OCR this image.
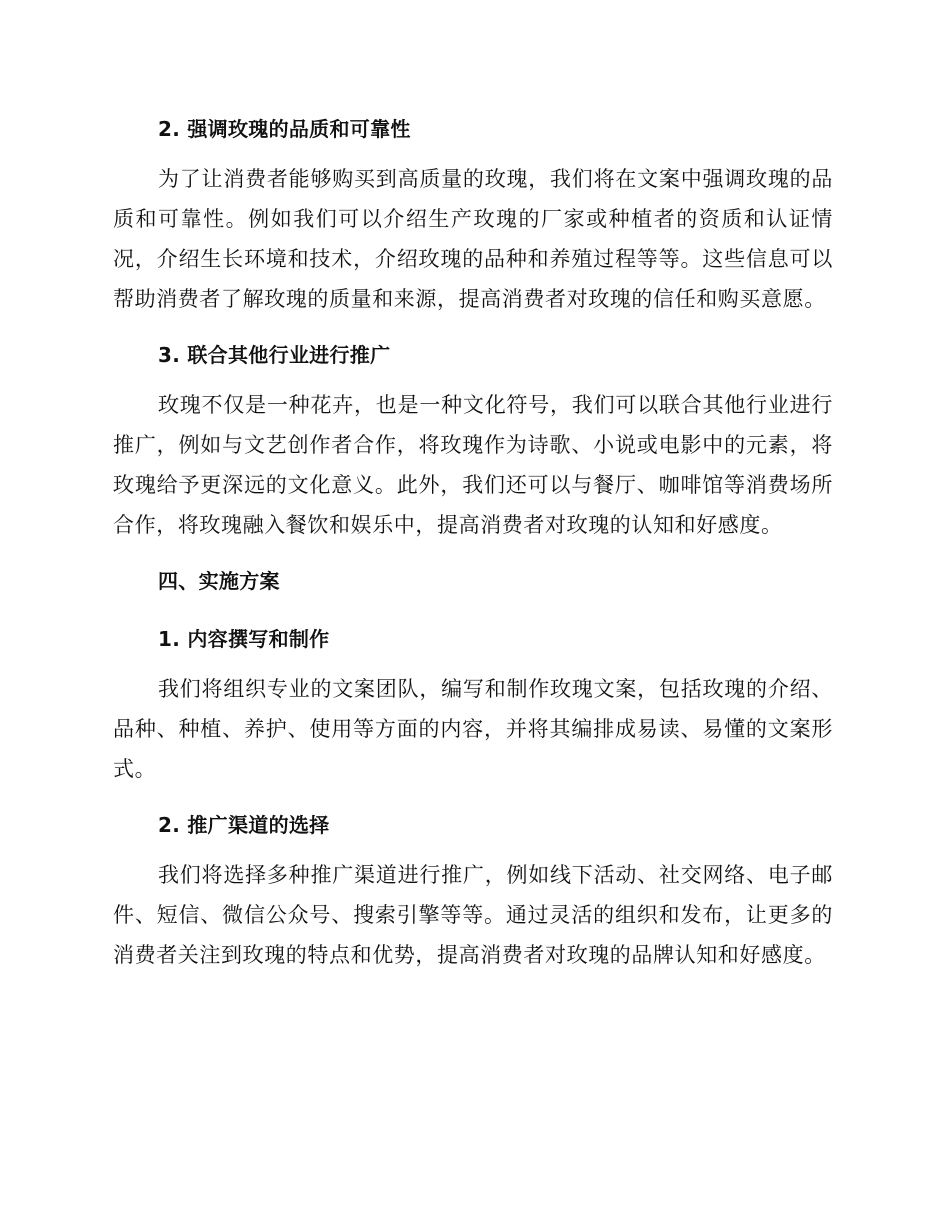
2. 强调玫瑰的品质和可靠性

为了让消费者能够购买到高质量的玫瑰，我们将在文案中强调玫瑰的品质和可靠性。例如我们可以介绍生产玫瑰的厂家或种植者的资质和认证情况，介绍生长环境和技术，介绍玫瑰的品种和养殖过程等等。这些信息可以帮助消费者了解玫瑰的质量和来源，提高消费者对玫瑰的信任和购买意愿。

3. 联合其他行业进行推广

玫瑰不仅是一种花卉，也是一种文化符号，我们可以联合其他行业进行推广，例如与文艺创作者合作，将玫瑰作为诗歌、小说或电影中的元素，将玫瑰给予更深远的文化意义。此外，我们还可以与餐厅、咖啡馆等消费场所合作，将玫瑰融入餐饮和娱乐中，提高消费者对玫瑰的认知和好感度。

四、实施方案
1. 内容撰写和制作

我们将组织专业的文案团队，编写和制作玫瑰文案，包括玫瑰的介绍、品种、种植、养护、使用等方面的内容，并将其编排成易读、易懂的文案形式。

2. 推广渠道的选择

我们将选择多种推广渠道进行推广，例如线下活动、社交网络、电子邮件、短信、微信公众号、搜索引擎等等。通过灵活的组织和发布，让更多的消费者关注到玫瑰的特点和优势，提高消费者对玫瑰的品牌认知和好感度。
